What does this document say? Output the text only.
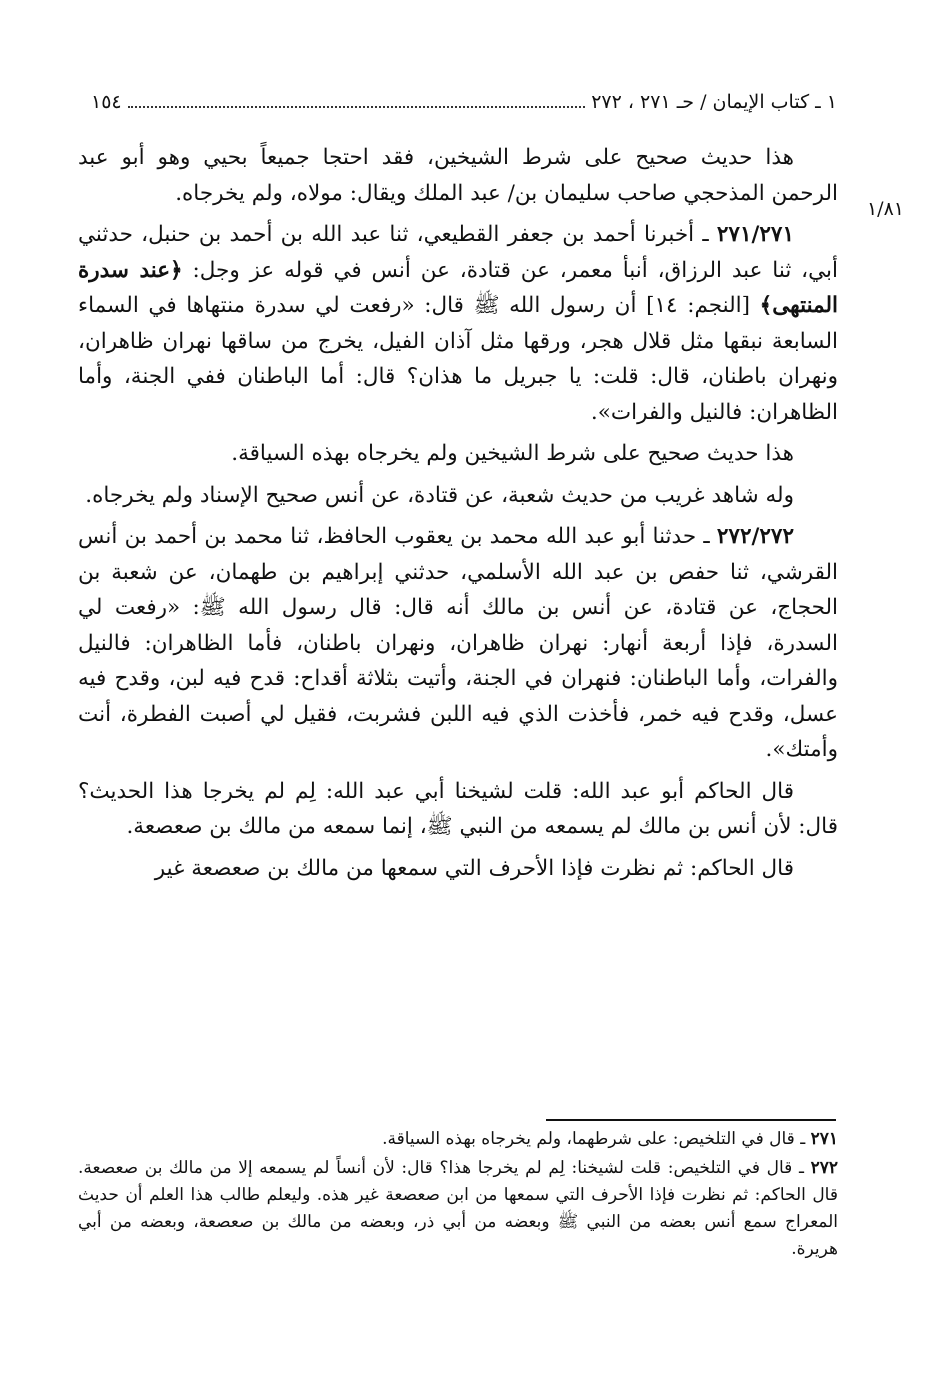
١ ـ كتاب الإيمان / حـ ٢٧١ ، ٢٧٢
١٥٤
١/٨١

هذا حديث صحيح على شرط الشيخين، فقد احتجا جميعاً بحيي وهو أبو عبد الرحمن المذحجي صاحب سليمان بن/ عبد الملك ويقال: مولاه، ولم يخرجاه.

٢٧١/٢٧١ ـ أخبرنا أحمد بن جعفر القطيعي، ثنا عبد الله بن أحمد بن حنبل، حدثني أبي، ثنا عبد الرزاق، أنبأ معمر، عن قتادة، عن أنس في قوله عز وجل: ﴿عند سدرة المنتهى﴾ [النجم: ١٤] أن رسول الله ﷺ قال: «رفعت لي سدرة منتهاها في السماء السابعة نبقها مثل قلال هجر، ورقها مثل آذان الفيل، يخرج من ساقها نهران ظاهران، ونهران باطنان، قال: قلت: يا جبريل ما هذان؟ قال: أما الباطنان ففي الجنة، وأما الظاهران: فالنيل والفرات».

هذا حديث صحيح على شرط الشيخين ولم يخرجاه بهذه السياقة.

وله شاهد غريب من حديث شعبة، عن قتادة، عن أنس صحيح الإسناد ولم يخرجاه.

٢٧٢/٢٧٢ ـ حدثنا أبو عبد الله محمد بن يعقوب الحافظ، ثنا محمد بن أحمد بن أنس القرشي، ثنا حفص بن عبد الله الأسلمي، حدثني إبراهيم بن طهمان، عن شعبة بن الحجاج، عن قتادة، عن أنس بن مالك أنه قال: قال رسول الله ﷺ: «رفعت لي السدرة، فإذا أربعة أنهار: نهران ظاهران، ونهران باطنان، فأما الظاهران: فالنيل والفرات، وأما الباطنان: فنهران في الجنة، وأتيت بثلاثة أقداح: قدح فيه لبن، وقدح فيه عسل، وقدح فيه خمر، فأخذت الذي فيه اللبن فشربت، فقيل لي أصبت الفطرة، أنت وأمتك».

قال الحاكم أبو عبد الله: قلت لشيخنا أبي عبد الله: لِم لم يخرجا هذا الحديث؟ قال: لأن أنس بن مالك لم يسمعه من النبي ﷺ، إنما سمعه من مالك بن صعصعة.

قال الحاكم: ثم نظرت فإذا الأحرف التي سمعها من مالك بن صعصعة غير

٢٧١ ـ قال في التلخيص: على شرطهما، ولم يخرجاه بهذه السياقة.

٢٧٢ ـ قال في التلخيص: قلت لشيخنا: لِم لم يخرجا هذا؟ قال: لأن أنساً لم يسمعه إلا من مالك بن صعصعة. قال الحاكم: ثم نظرت فإذا الأحرف التي سمعها من ابن صعصعة غير هذه. وليعلم طالب هذا العلم أن حديث المعراج سمع أنس بعضه من النبي ﷺ وبعضه من أبي ذر، وبعضه من مالك بن صعصعة، وبعضه من أبي هريرة.
